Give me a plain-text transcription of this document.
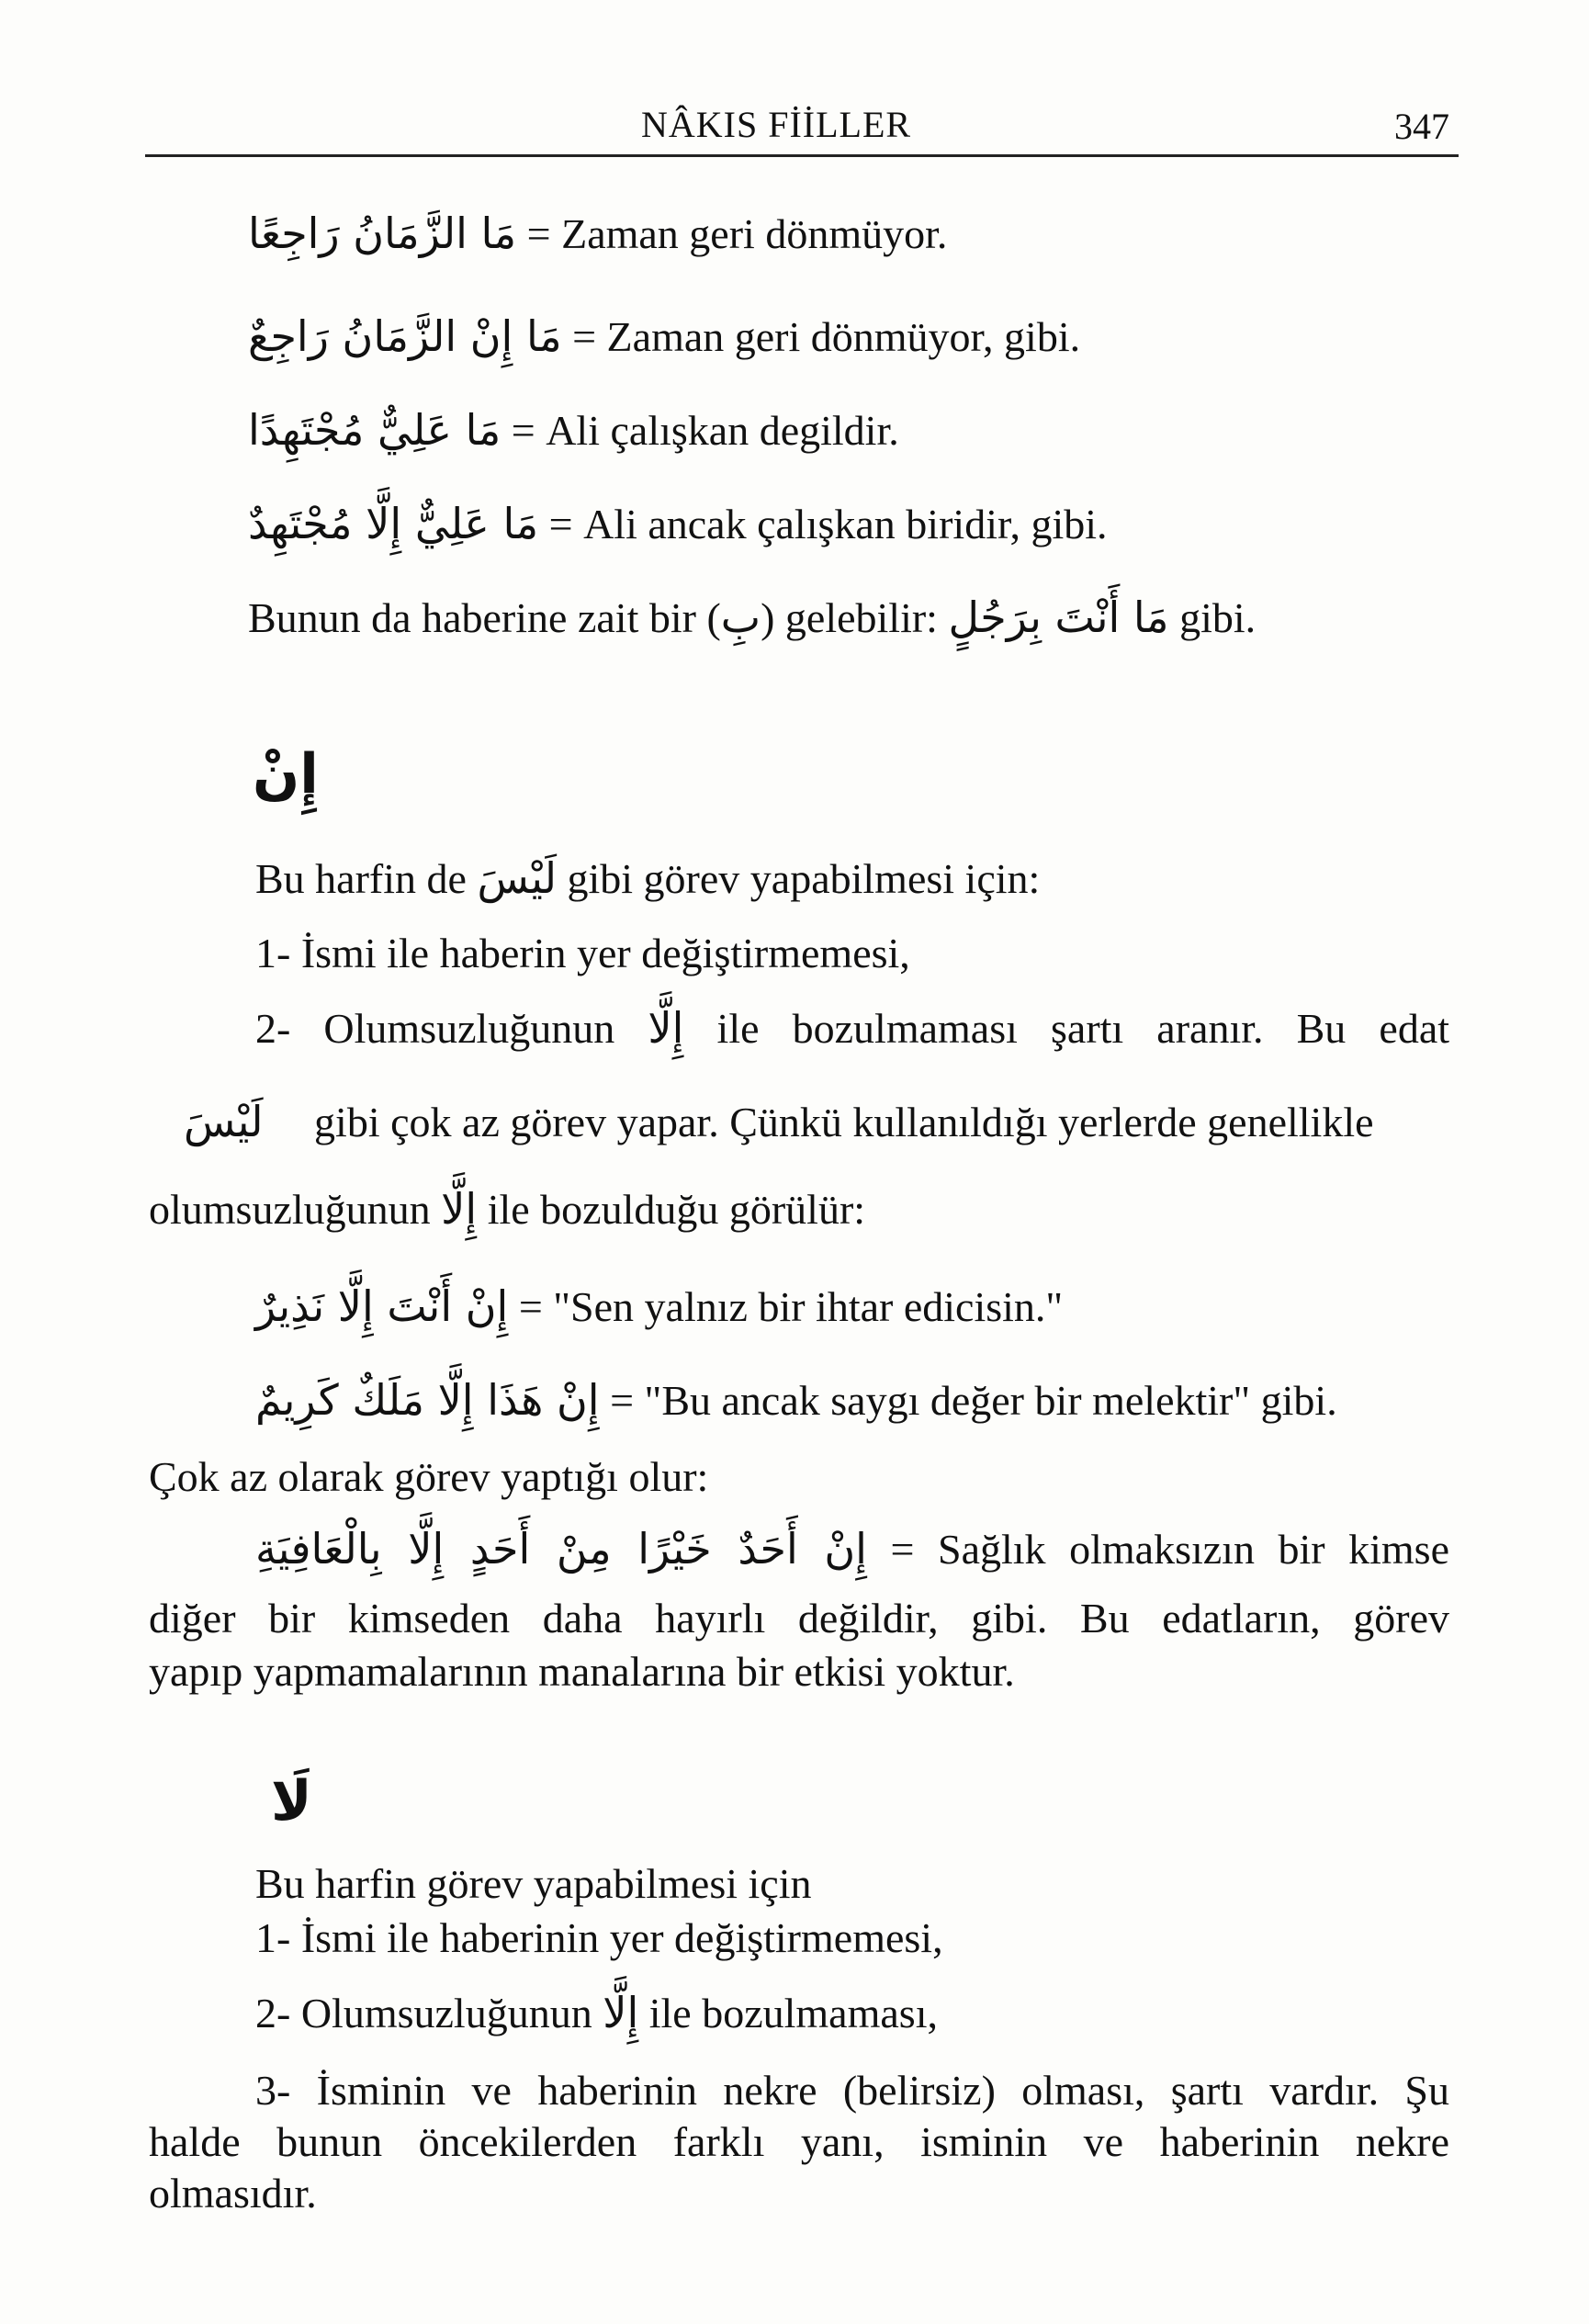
NÂKIS FİİLLER	347
مَا الزَّمَانُ رَاجِعًا = Zaman geri dönmüyor.
مَا إِنْ الزَّمَانُ رَاجِعٌ = Zaman geri dönmüyor, gibi.
مَا عَلِيٌّ مُجْتَهِدًا = Ali çalışkan degildir.
مَا عَلِيٌّ إِلَّا مُجْتَهِدٌ = Ali ancak çalışkan biridir, gibi.
Bunun da haberine zait bir (بِ) gelebilir: مَا أَنْتَ بِرَجُلٍ gibi.
إِنْ
Bu harfin de لَيْسَ gibi görev yapabilmesi için:
1- İsmi ile haberin yer değiştirmemesi,
2- Olumsuzluğunun إِلَّا ile bozulmaması şartı aranır. Bu edat
لَيْسَ gibi çok az görev yapar. Çünkü kullanıldığı yerlerde genellikle
olumsuzluğunun إِلَّا ile bozulduğu görülür:
إِنْ أَنْتَ إِلَّا نَذِيرٌ = "Sen yalnız bir ihtar edicisin."
إِنْ هَذَا إِلَّا مَلَكٌ كَرِيمٌ = "Bu ancak saygı değer bir melektir" gibi.
Çok az olarak görev yaptığı olur:
إِنْ أَحَدٌ خَيْرًا مِنْ أَحَدٍ إِلَّا بِالْعَافِيَةِ = Sağlık olmaksızın bir kimse
diğer bir kimseden daha hayırlı değildir, gibi. Bu edatların, görev
yapıp yapmamalarının manalarına bir etkisi yoktur.
لَا
Bu harfin görev yapabilmesi için
1- İsmi ile haberinin yer değiştirmemesi,
2- Olumsuzluğunun إِلَّا ile bozulmaması,
3- İsminin ve haberinin nekre (belirsiz) olması, şartı vardır. Şu
halde bunun öncekilerden farklı yanı, isminin ve haberinin nekre
olmasıdır.
